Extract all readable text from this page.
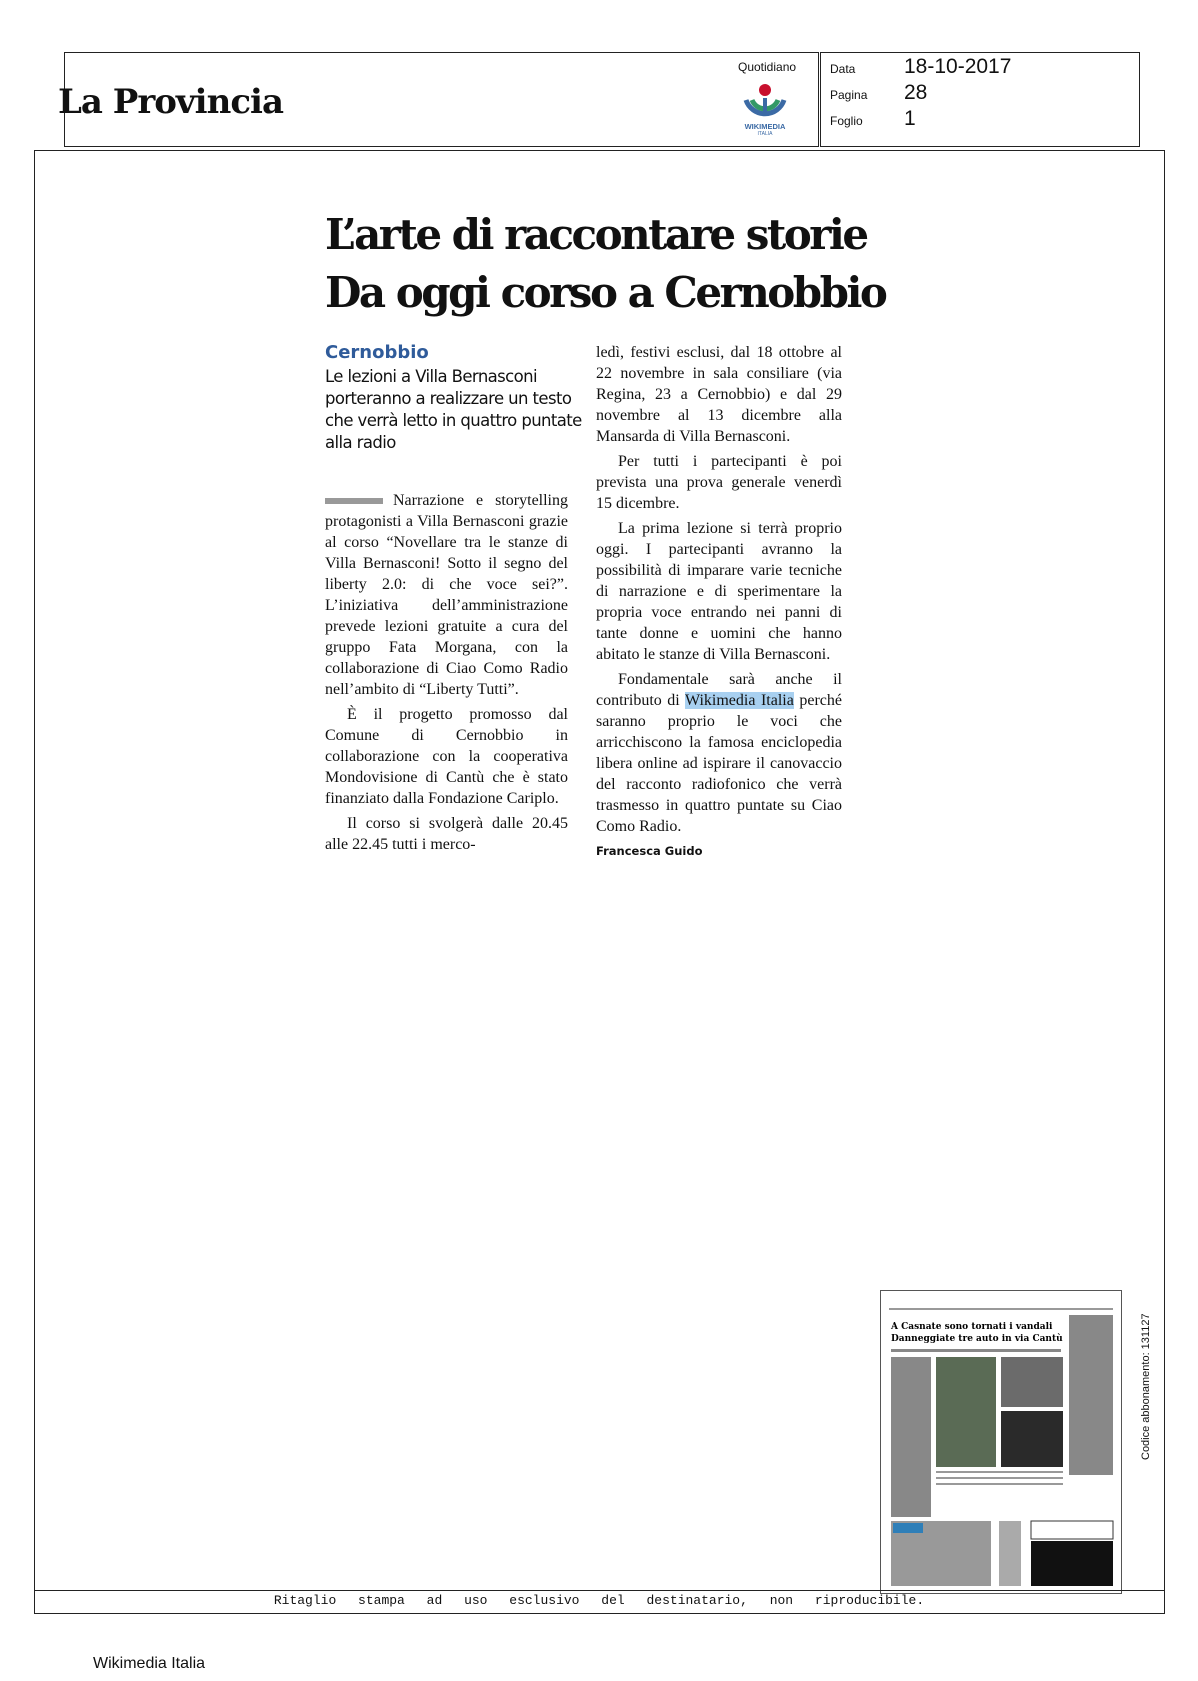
La Provincia
Quotidiano
WIKIMEDIA
ITALIA
Data 18-10-2017
Pagina 28
Foglio 1
L’arte di raccontare storie
Da oggi corso a Cernobbio
Cernobbio

Le lezioni a Villa Bernasconi porteranno a realizzare un testo che verrà letto in quattro puntate alla radio

Narrazione e storytelling protagonisti a Villa Bernasconi grazie al corso “Novellare tra le stanze di Villa Bernasconi! Sotto il segno del liberty 2.0: di che voce sei?”. L’iniziativa dell’amministrazione prevede lezioni gratuite a cura del gruppo Fata Morgana, con la collaborazione di Ciao Como Radio nell’ambito di “Liberty Tutti”.

È il progetto promosso dal Comune di Cernobbio in collaborazione con la cooperativa Mondovisione di Cantù che è stato finanziato dalla Fondazione Cariplo.

Il corso si svolgerà dalle 20.45 alle 22.45 tutti i merco-

ledì, festivi esclusi, dal 18 ottobre al 22 novembre in sala consiliare (via Regina, 23 a Cernobbio) e dal 29 novembre al 13 dicembre alla Mansarda di Villa Bernasconi.

Per tutti i partecipanti è poi prevista una prova generale venerdì 15 dicembre.

La prima lezione si terrà proprio oggi. I partecipanti avranno la possibilità di imparare varie tecniche di narrazione e di sperimentare la propria voce entrando nei panni di tante donne e uomini che hanno abitato le stanze di Villa Bernasconi.

Fondamentale sarà anche il contributo di Wikimedia Italia perché saranno proprio le voci che arricchiscono la famosa enciclopedia libera online ad ispirare il canovaccio del racconto radiofonico che verrà trasmesso in quattro puntate su Ciao Como Radio.

Francesca Guido
A Casnate sono tornati i vandali
Danneggiate tre auto in via Cantù	Codice abbonamento: 131127
Ritaglio stampa ad uso esclusivo del destinatario, non riproducibile.
Wikimedia Italia
